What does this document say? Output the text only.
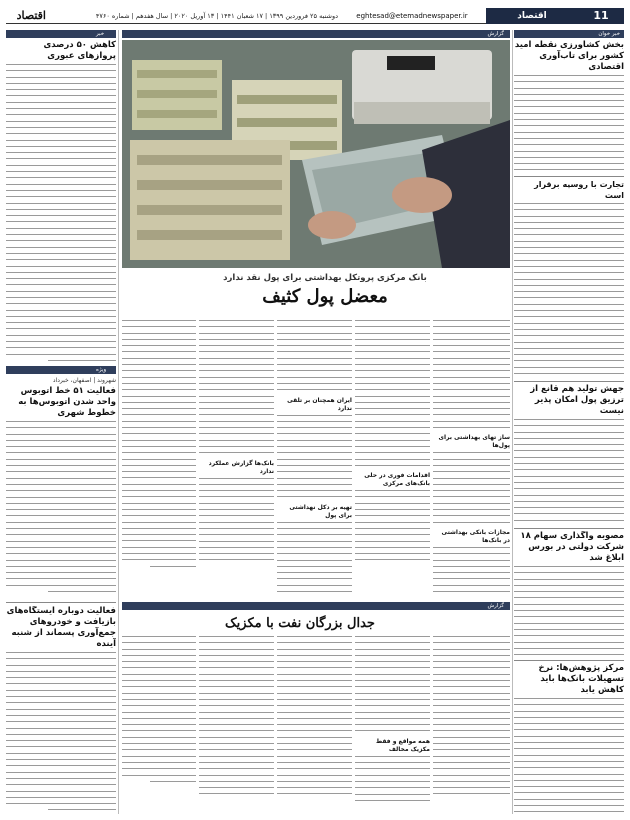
11
اقتصاد
eghtesad@etemadnewspaper.ir
دوشنبه ۲۵ فروردین ۱۳۹۹ | ۱۷ شعبان ۱۴۴۱ | ۱۳ آوریل ۲۰۲۰ | سال هفدهم | شماره ۴۷۶۰
اقتصاد
خبر خوان
بخش کشاورزی نقطه امید کشور برای تاب‌آوری اقتصادی
تجارت با روسیه برقرار است
جهش تولید هم قانع از ترزیق پول امکان پذیر نیست
مصوبه واگذاری سهام ۱۸ شرکت دولتی در بورس ابلاغ شد
مرکز پژوهش‌ها: نرخ تسهیلات بانک‌ها باید کاهش یابد
گزارش
بانک مرکزی پروتکل بهداشتی برای پول نقد ندارد
معضل پول کثیف
ساز تهای بهداشتی برای پول‌ها
مجازات بانکی بهداشتی در بانک‌ها
افدامات فوری در حلی بانک‌های مرکزی
ایران همچنان بر تلقی ندارد
تهیه بر دکل نهداشتی برای پول
بانک‌ها گزارش عملکرد ندارد
گزارش
جدال بزرگان نفت با مکزیک
همه مواقع و فقط مکزیک مخالف
خبر
کاهش ۵۰ درصدی پروازهای عبوری
ویژه
شهروند | اصفهان، خبرداد
فعالیت ۵۱ خط اتوبوس واحد شدن اتوبوس‌ها به خطوط شهری
فعالیت دوباره ایستگاه‌های بازیافت و خودروهای جمع‌آوری پسماند از شنبه آینده
